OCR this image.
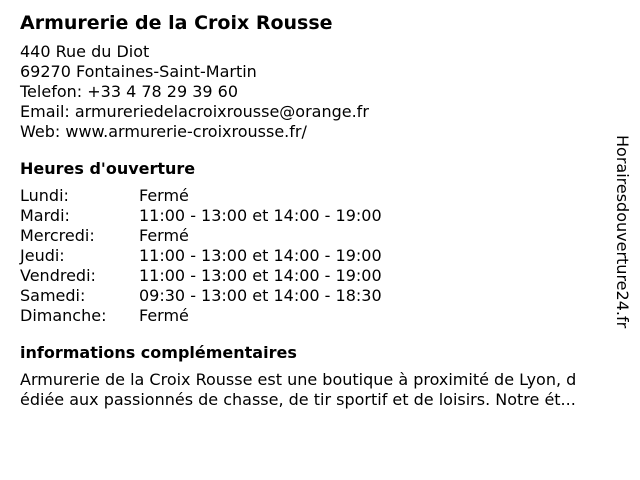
Armurerie de la Croix Rousse
440 Rue du Diot
69270 Fontaines-Saint-Martin
Telefon: +33 4 78 29 39 60
Email: armureriedelacroixrousse@orange.fr
Web: www.armurerie-croixrousse.fr/
Heures d'ouverture
Lundi:	Fermé
Mardi:	11:00 - 13:00 et 14:00 - 19:00
Mercredi:	Fermé
Jeudi:	11:00 - 13:00 et 14:00 - 19:00
Vendredi:	11:00 - 13:00 et 14:00 - 19:00
Samedi:	09:30 - 13:00 et 14:00 - 18:30
Dimanche:	Fermé
informations complémentaires
Armurerie de la Croix Rousse est une boutique à proximité de Lyon, d
édiée aux passionnés de chasse, de tir sportif et de loisirs. Notre ét...
Horairesdouverture24.fr
